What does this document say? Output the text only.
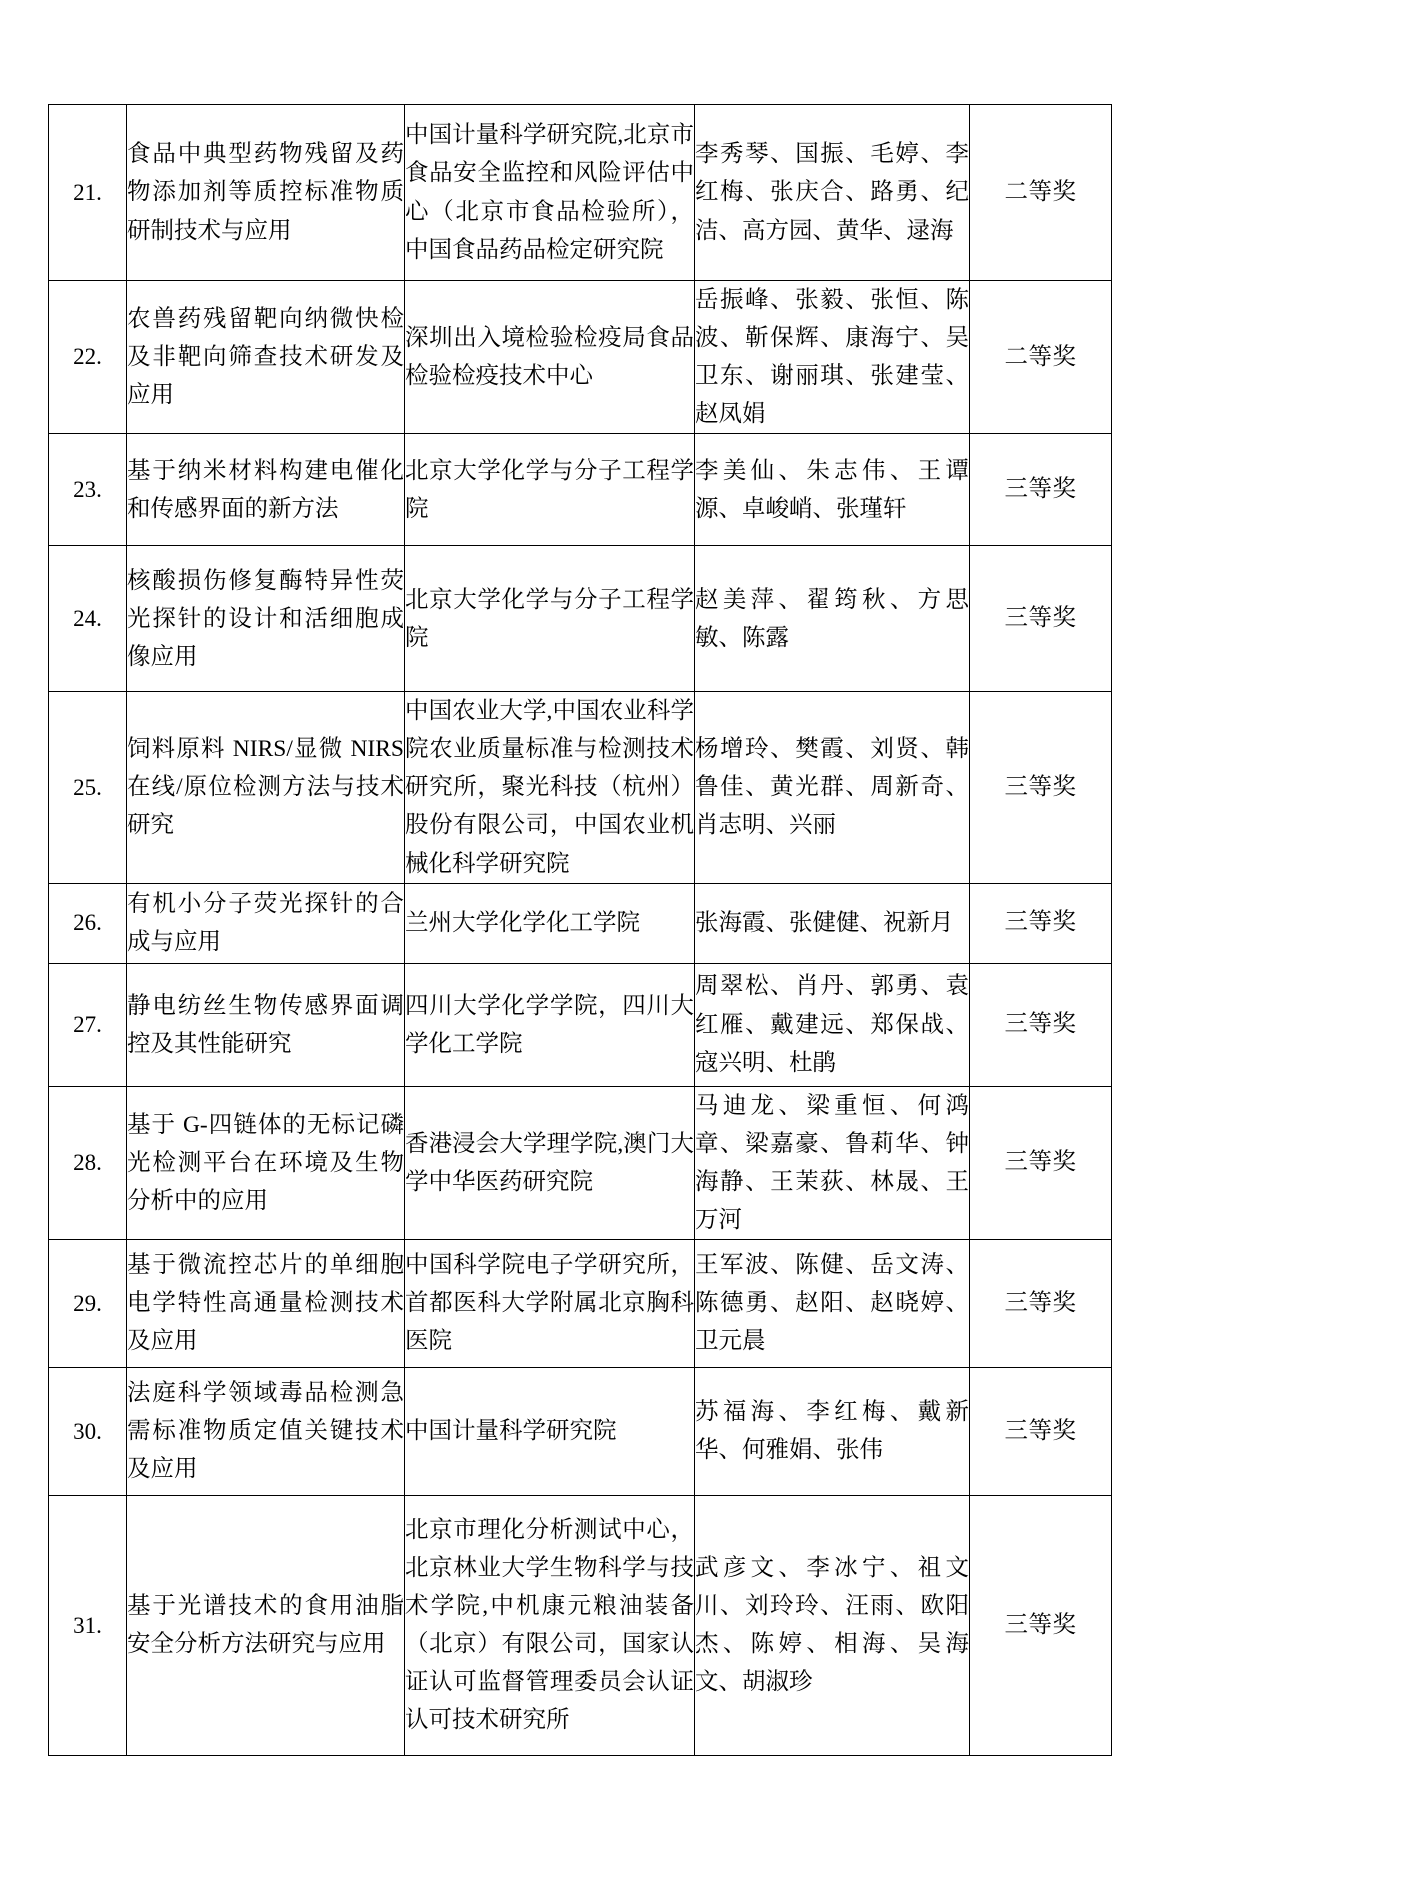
21.	食品中典型药物残留及药物添加剂等质控标准物质研制技术与应用	中国计量科学研究院,北京市食品安全监控和风险评估中心（北京市食品检验所），中国食品药品检定研究院	李秀琴、国振、毛婷、李红梅、张庆合、路勇、纪洁、高方园、黄华、逯海	二等奖
22.	农兽药残留靶向纳微快检及非靶向筛查技术研发及应用	深圳出入境检验检疫局食品检验检疫技术中心	岳振峰、张毅、张恒、陈波、靳保辉、康海宁、吴卫东、谢丽琪、张建莹、赵凤娟	二等奖
23.	基于纳米材料构建电催化和传感界面的新方法	北京大学化学与分子工程学院	李美仙、朱志伟、王谭源、卓峻峭、张瑾轩	三等奖
24.	核酸损伤修复酶特异性荧光探针的设计和活细胞成像应用	北京大学化学与分子工程学院	赵美萍、翟筠秋、方思敏、陈露	三等奖
25.	饲料原料 NIRS/显微 NIRS 在线/原位检测方法与技术研究	中国农业大学,中国农业科学院农业质量标准与检测技术研究所，聚光科技（杭州）股份有限公司，中国农业机械化科学研究院	杨增玲、樊霞、刘贤、韩鲁佳、黄光群、周新奇、肖志明、兴丽	三等奖
26.	有机小分子荧光探针的合成与应用	兰州大学化学化工学院	张海霞、张健健、祝新月	三等奖
27.	静电纺丝生物传感界面调控及其性能研究	四川大学化学学院，四川大学化工学院	周翠松、肖丹、郭勇、袁红雁、戴建远、郑保战、寇兴明、杜鹃	三等奖
28.	基于 G-四链体的无标记磷光检测平台在环境及生物分析中的应用	香港浸会大学理学院,澳门大学中华医药研究院	马迪龙、梁重恒、何鸿章、梁嘉豪、鲁莉华、钟海静、王茉荻、林晟、王万河	三等奖
29.	基于微流控芯片的单细胞电学特性高通量检测技术及应用	中国科学院电子学研究所，首都医科大学附属北京胸科医院	王军波、陈健、岳文涛、陈德勇、赵阳、赵晓婷、卫元晨	三等奖
30.	法庭科学领域毒品检测急需标准物质定值关键技术及应用	中国计量科学研究院	苏福海、李红梅、戴新华、何雅娟、张伟	三等奖
31.	基于光谱技术的食用油脂安全分析方法研究与应用	北京市理化分析测试中心，北京林业大学生物科学与技术学院,中机康元粮油装备（北京）有限公司，国家认证认可监督管理委员会认证认可技术研究所	武彦文、李冰宁、祖文川、刘玲玲、汪雨、欧阳杰、陈婷、相海、吴海文、胡淑珍	三等奖
